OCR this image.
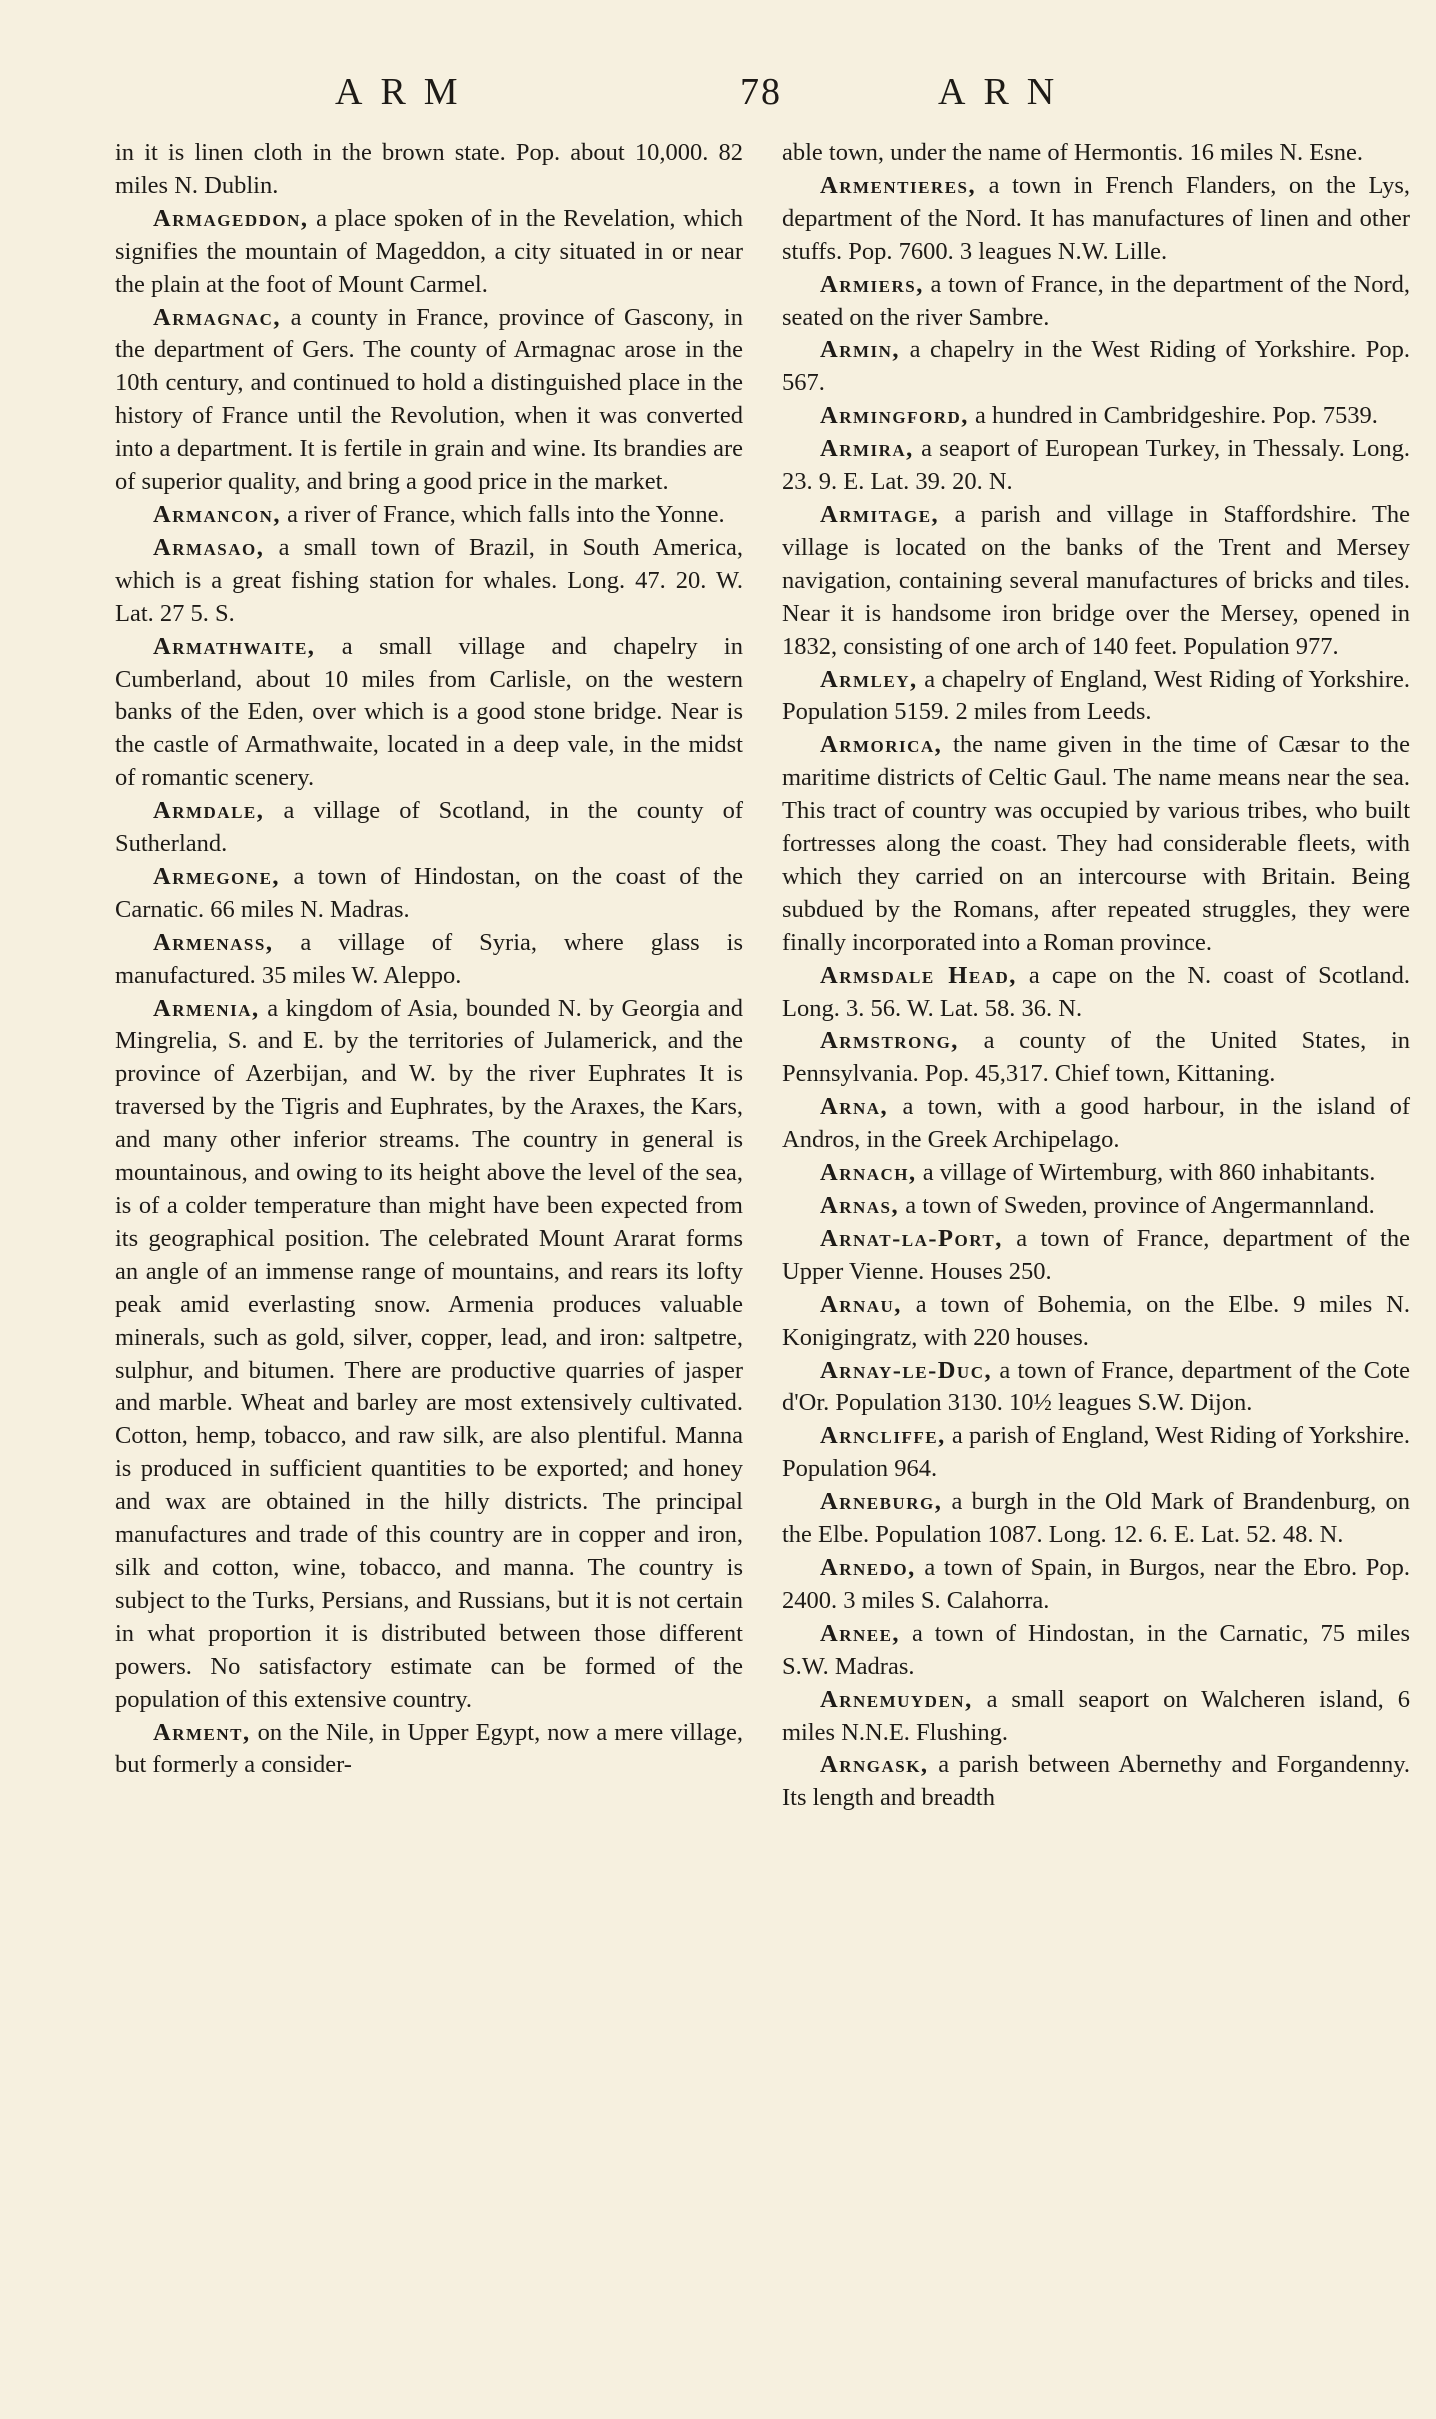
ARM	78	ARN

in it is linen cloth in the brown state. Pop. about 10,000. 82 miles N. Dublin.

Armageddon, a place spoken of in the Revelation, which signifies the mountain of Mageddon, a city situated in or near the plain at the foot of Mount Carmel.

Armagnac, a county in France, province of Gascony, in the department of Gers. The county of Armagnac arose in the 10th century, and continued to hold a distinguished place in the history of France until the Revolution, when it was converted into a department. It is fertile in grain and wine. Its brandies are of superior quality, and bring a good price in the market.

Armancon, a river of France, which falls into the Yonne.

Armasao, a small town of Brazil, in South America, which is a great fishing station for whales. Long. 47. 20. W. Lat. 27 5. S.

Armathwaite, a small village and chapelry in Cumberland, about 10 miles from Carlisle, on the western banks of the Eden, over which is a good stone bridge. Near is the castle of Armathwaite, located in a deep vale, in the midst of romantic scenery.

Armdale, a village of Scotland, in the county of Sutherland.

Armegone, a town of Hindostan, on the coast of the Carnatic. 66 miles N. Madras.

Armenass, a village of Syria, where glass is manufactured. 35 miles W. Aleppo.

Armenia, a kingdom of Asia, bounded N. by Georgia and Mingrelia, S. and E. by the territories of Julamerick, and the province of Azerbijan, and W. by the river Euphrates It is traversed by the Tigris and Euphrates, by the Araxes, the Kars, and many other inferior streams. The country in general is mountainous, and owing to its height above the level of the sea, is of a colder temperature than might have been expected from its geographical position. The celebrated Mount Ararat forms an angle of an immense range of mountains, and rears its lofty peak amid everlasting snow. Armenia produces valuable minerals, such as gold, silver, copper, lead, and iron: saltpetre, sulphur, and bitumen. There are productive quarries of jasper and marble. Wheat and barley are most extensively cultivated. Cotton, hemp, tobacco, and raw silk, are also plentiful. Manna is produced in sufficient quantities to be exported; and honey and wax are obtained in the hilly districts. The principal manufactures and trade of this country are in copper and iron, silk and cotton, wine, tobacco, and manna. The country is subject to the Turks, Persians, and Russians, but it is not certain in what proportion it is distributed between those different powers. No satisfactory estimate can be formed of the population of this extensive country.

Arment, on the Nile, in Upper Egypt, now a mere village, but formerly a consider-

able town, under the name of Hermontis. 16 miles N. Esne.

Armentieres, a town in French Flanders, on the Lys, department of the Nord. It has manufactures of linen and other stuffs. Pop. 7600. 3 leagues N.W. Lille.

Armiers, a town of France, in the department of the Nord, seated on the river Sambre.

Armin, a chapelry in the West Riding of Yorkshire. Pop. 567.

Armingford, a hundred in Cambridgeshire. Pop. 7539.

Armira, a seaport of European Turkey, in Thessaly. Long. 23. 9. E. Lat. 39. 20. N.

Armitage, a parish and village in Staffordshire. The village is located on the banks of the Trent and Mersey navigation, containing several manufactures of bricks and tiles. Near it is handsome iron bridge over the Mersey, opened in 1832, consisting of one arch of 140 feet. Population 977.

Armley, a chapelry of England, West Riding of Yorkshire. Population 5159. 2 miles from Leeds.

Armorica, the name given in the time of Cæsar to the maritime districts of Celtic Gaul. The name means near the sea. This tract of country was occupied by various tribes, who built fortresses along the coast. They had considerable fleets, with which they carried on an intercourse with Britain. Being subdued by the Romans, after repeated struggles, they were finally incorporated into a Roman province.

Armsdale Head, a cape on the N. coast of Scotland. Long. 3. 56. W. Lat. 58. 36. N.

Armstrong, a county of the United States, in Pennsylvania. Pop. 45,317. Chief town, Kittaning.

Arna, a town, with a good harbour, in the island of Andros, in the Greek Archipelago.

Arnach, a village of Wirtemburg, with 860 inhabitants.

Arnas, a town of Sweden, province of Angermannland.

Arnat-la-Port, a town of France, department of the Upper Vienne. Houses 250.

Arnau, a town of Bohemia, on the Elbe. 9 miles N. Konigingratz, with 220 houses.

Arnay-le-Duc, a town of France, department of the Cote d'Or. Population 3130. 10½ leagues S.W. Dijon.

Arncliffe, a parish of England, West Riding of Yorkshire. Population 964.

Arneburg, a burgh in the Old Mark of Brandenburg, on the Elbe. Population 1087. Long. 12. 6. E. Lat. 52. 48. N.

Arnedo, a town of Spain, in Burgos, near the Ebro. Pop. 2400. 3 miles S. Calahorra.

Arnee, a town of Hindostan, in the Carnatic, 75 miles S.W. Madras.

Arnemuyden, a small seaport on Walcheren island, 6 miles N.N.E. Flushing.

Arngask, a parish between Abernethy and Forgandenny. Its length and breadth
